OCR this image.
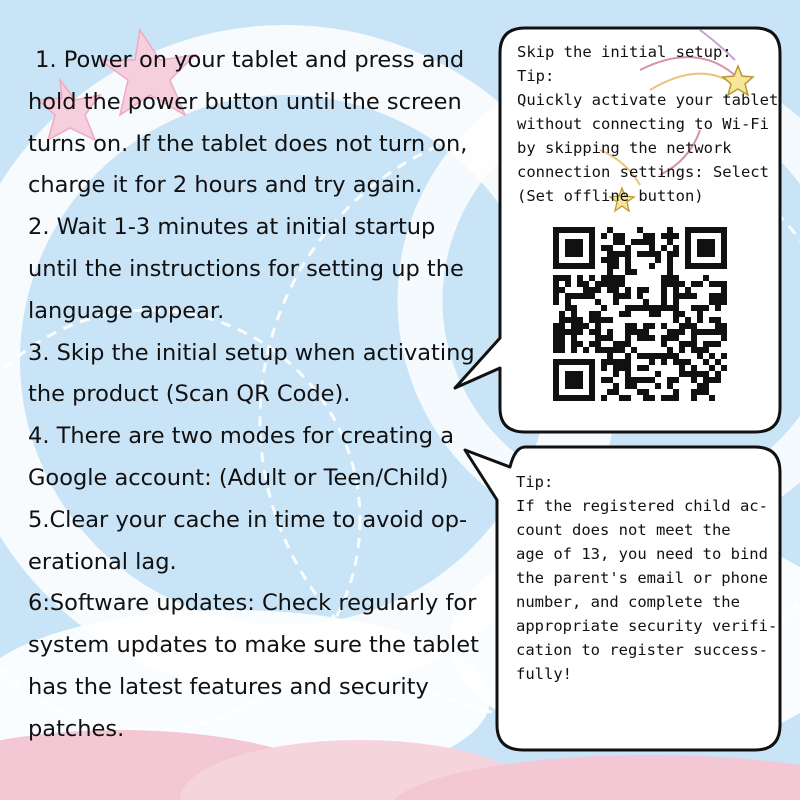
1. Power on your tablet and press and

hold the power button until the screen

turns on. If the tablet does not turn on,

charge it for 2 hours and try again.

2. Wait 1-3 minutes at initial startup

until the instructions for setting up the

language appear.

3. Skip the initial setup when activating

the product (Scan QR Code).

4. There are two modes for creating a

Google account: (Adult or Teen/Child)

5.Clear your cache in time to avoid op-

erational lag.

6:Software updates: Check regularly for

system updates to make sure the tablet

has the latest features and security

patches.

Skip the initial setup:

Tip:

Quickly activate your tablet

without connecting to Wi-Fi

by skipping the network

connection settings: Select

(Set offline button)

Tip:

If the registered child ac-

count does not meet the

age of 13, you need to bind

the parent's email or phone

number, and complete the

appropriate security verifi-

cation to register success-

fully!
